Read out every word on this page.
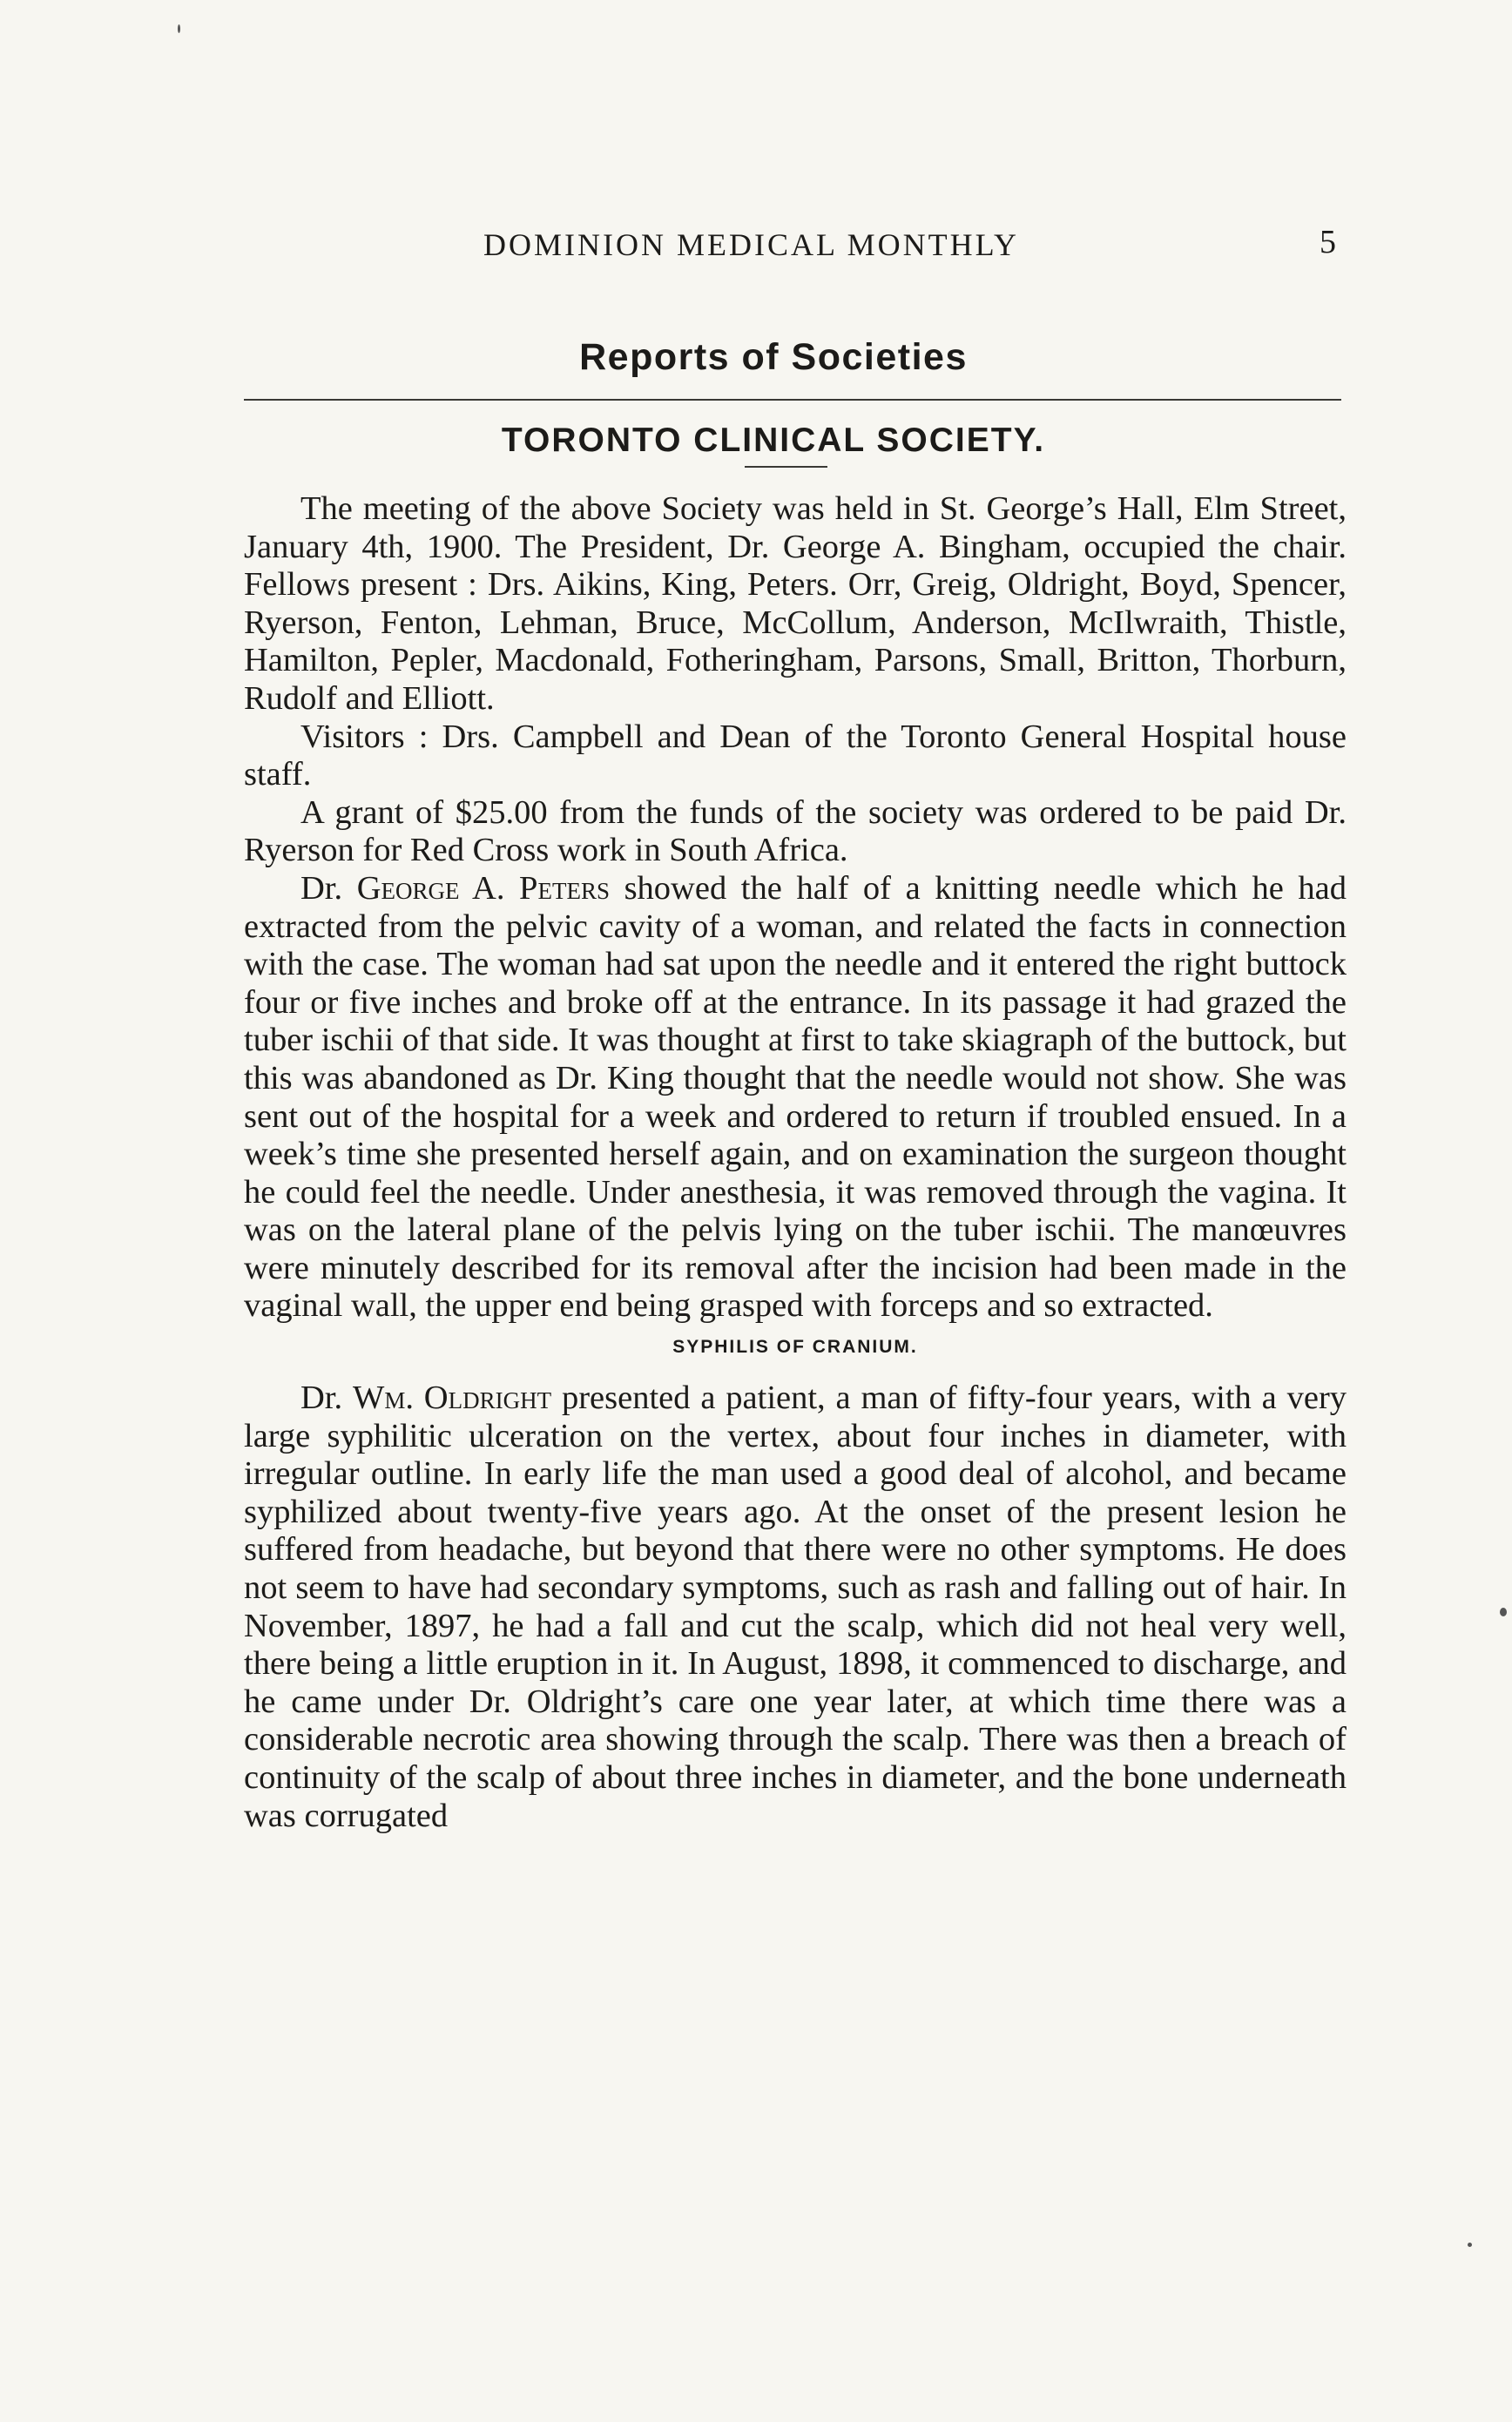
DOMINION MEDICAL MONTHLY	5
Reports of Societies
TORONTO CLINICAL SOCIETY.

The meeting of the above Society was held in St. George’s Hall, Elm Street, January 4th, 1900. The President, Dr. George A. Bingham, occupied the chair. Fellows present : Drs. Aikins, King, Peters. Orr, Greig, Oldright, Boyd, Spencer, Ryerson, Fenton, Lehman, Bruce, McCollum, Anderson, McIlwraith, Thistle, Hamilton, Pepler, Macdonald, Fotheringham, Parsons, Small, Britton, Thorburn, Rudolf and Elliott.

Visitors : Drs. Campbell and Dean of the Toronto General Hospital house staff.

A grant of $25.00 from the funds of the society was ordered to be paid Dr. Ryerson for Red Cross work in South Africa.

Dr. George A. Peters showed the half of a knitting needle which he had extracted from the pelvic cavity of a woman, and related the facts in connection with the case. The woman had sat upon the needle and it entered the right buttock four or five inches and broke off at the entrance. In its passage it had grazed the tuber ischii of that side. It was thought at first to take skiagraph of the buttock, but this was abandoned as Dr. King thought that the needle would not show. She was sent out of the hospital for a week and ordered to return if troubled ensued. In a week’s time she presented herself again, and on examination the surgeon thought he could feel the needle. Under anesthesia, it was removed through the vagina. It was on the lateral plane of the pelvis lying on the tuber ischii. The manœuvres were minutely described for its removal after the incision had been made in the vaginal wall, the upper end being grasped with forceps and so extracted.

SYPHILIS OF CRANIUM.

Dr. Wm. Oldright presented a patient, a man of fifty-four years, with a very large syphilitic ulceration on the vertex, about four inches in diameter, with irregular outline. In early life the man used a good deal of alcohol, and became syphilized about twenty-five years ago. At the onset of the present lesion he suffered from headache, but beyond that there were no other symptoms. He does not seem to have had secondary symptoms, such as rash and falling out of hair. In November, 1897, he had a fall and cut the scalp, which did not heal very well, there being a little eruption in it. In August, 1898, it commenced to discharge, and he came under Dr. Oldright’s care one year later, at which time there was a considerable necrotic area showing through the scalp. There was then a breach of continuity of the scalp of about three inches in diameter, and the bone underneath was corrugated
